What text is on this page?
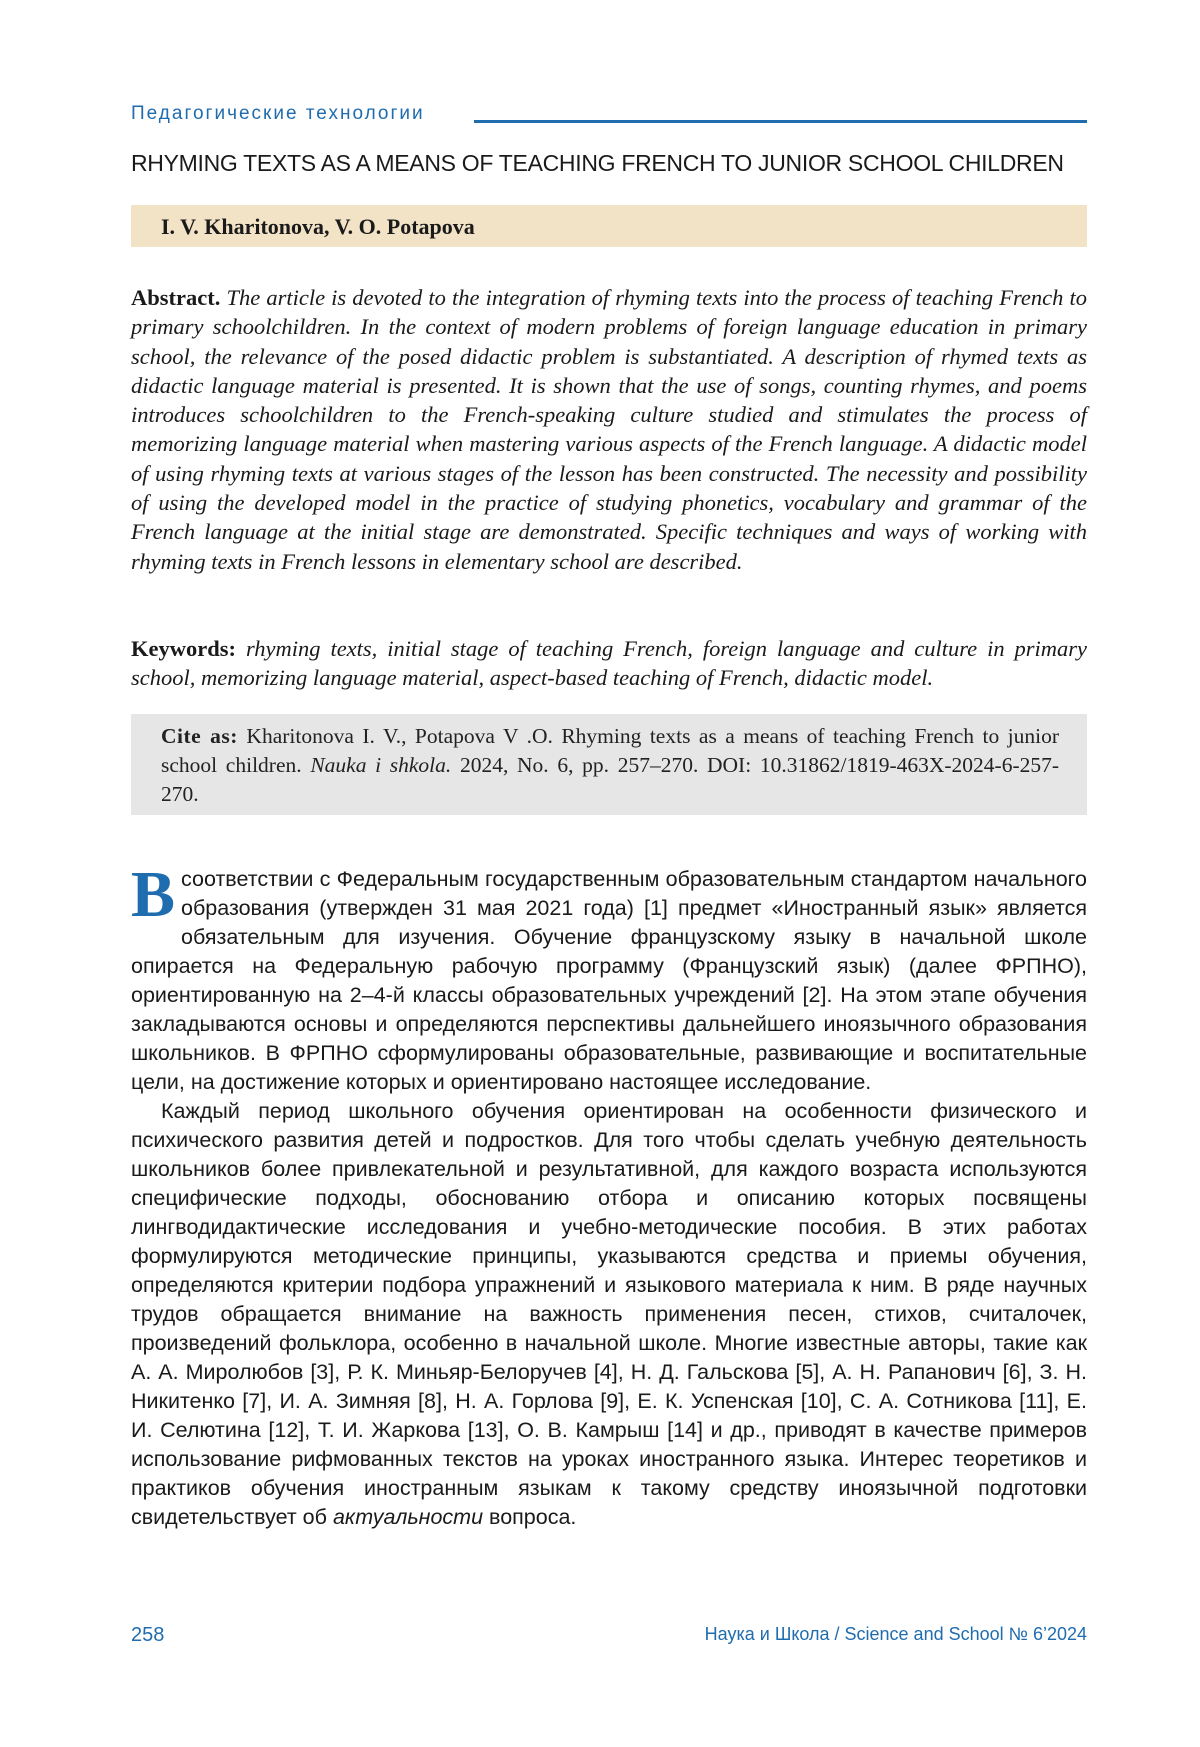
Педагогические технологии
RHYMING TEXTS AS A MEANS OF TEACHING FRENCH TO JUNIOR SCHOOL CHILDREN
I. V. Kharitonova, V. O. Potapova
Abstract. The article is devoted to the integration of rhyming texts into the process of teaching French to primary schoolchildren. In the context of modern problems of foreign language education in primary school, the relevance of the posed didactic problem is substantiated. A description of rhymed texts as didactic language material is presented. It is shown that the use of songs, counting rhymes, and poems introduces schoolchildren to the French-speaking culture studied and stimulates the process of memorizing language material when mastering various aspects of the French language. A didactic model of using rhyming texts at various stages of the lesson has been constructed. The necessity and possibility of using the developed model in the practice of studying phonetics, vocabulary and grammar of the French language at the initial stage are demonstrated. Specific techniques and ways of working with rhyming texts in French lessons in elementary school are described.
Keywords: rhyming texts, initial stage of teaching French, foreign language and culture in primary school, memorizing language material, aspect-based teaching of French, didactic model.
Cite as: Kharitonova I. V., Potapova V .O. Rhyming texts as a means of teaching French to junior school children. Nauka i shkola. 2024, No. 6, pp. 257–270. DOI: 10.31862/1819-463X-2024-6-257-270.

Всоответствии с Федеральным государственным образовательным стандартом начального образования (утвержден 31 мая 2021 года) [1] предмет «Иностранный язык» является обязательным для изучения. Обучение французскому языку в начальной школе опирается на Федеральную рабочую программу (Французский язык) (далее ФРПНО), ориентированную на 2–4-й классы образовательных учреждений [2]. На этом этапе обучения закладываются основы и определяются перспективы дальнейшего иноязычного образования школьников. В ФРПНО сформулированы образовательные, развивающие и воспитательные цели, на достижение которых и ориентировано настоящее исследование.

Каждый период школьного обучения ориентирован на особенности физического и психического развития детей и подростков. Для того чтобы сделать учебную деятельность школьников более привлекательной и результативной, для каждого возраста используются специфические подходы, обоснованию отбора и описанию которых посвящены лингводидактические исследования и учебно-методические пособия. В этих работах формулируются методические принципы, указываются средства и приемы обучения, определяются критерии подбора упражнений и языкового материала к ним. В ряде научных трудов обращается внимание на важность применения песен, стихов, считалочек, произведений фольклора, особенно в начальной школе. Многие известные авторы, такие как А. А. Миролюбов [3], Р. К. Миньяр-Белоручев [4], Н. Д. Гальскова [5], А. Н. Рапанович [6], З. Н. Никитенко [7], И. А. Зимняя [8], Н. А. Горлова [9], Е. К. Успенская [10], С. А. Сотникова [11], Е. И. Селютина [12], Т. И. Жаркова [13], О. В. Камрыш [14] и др., приводят в качестве примеров использование рифмованных текстов на уроках иностранного языка. Интерес теоретиков и практиков обучения иностранным языкам к такому средству иноязычной подготовки свидетельствует об актуальности вопроса.

258	Наука и Школа / Science and School № 6’2024
